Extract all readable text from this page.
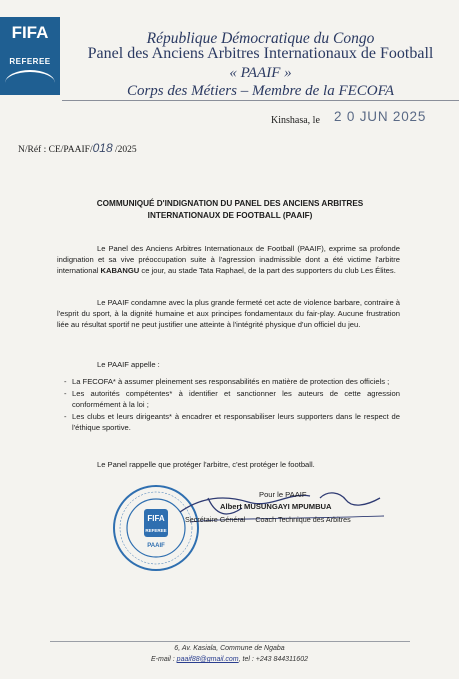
FIFA
REFEREE
République Démocratique du Congo
Panel des Anciens Arbitres Internationaux de Football
« PAAIF »
Corps des Métiers – Membre de la FECOFA
Kinshasa, le 2 0 JUN 2025
N/Réf : CE/PAAIF/018 /2025
COMMUNIQUÉ D'INDIGNATION DU PANEL DES ANCIENS ARBITRES
INTERNATIONAUX DE FOOTBALL (PAAIF)

Le Panel des Anciens Arbitres Internationaux de Football (PAAIF), exprime sa profonde indignation et sa vive préoccupation suite à l'agression inadmissible dont a été victime l'arbitre international KABANGU ce jour, au stade Tata Raphael, de la part des supporters du club Les Élites.

Le PAAIF condamne avec la plus grande fermeté cet acte de violence barbare, contraire à l'esprit du sport, à la dignité humaine et aux principes fondamentaux du fair-play. Aucune frustration liée au résultat sportif ne peut justifier une atteinte à l'intégrité physique d'un officiel du jeu.

Le PAAIF appelle :

- La FECOFA* à assumer pleinement ses responsabilités en matière de protection des officiels ;
- Les autorités compétentes* à identifier et sanctionner les auteurs de cette agression conformément à la loi ;
- Les clubs et leurs dirigeants* à encadrer et responsabiliser leurs supporters dans le respect de l'éthique sportive.
Le Panel rappelle que protéger l'arbitre, c'est protéger le football.
FIFA
REFEREE
PAAIF
Pour le PAAIF
Albert MUSUNGAYI MPUMBUA
Secrétaire Général Coach Technique des Arbitres
6, Av. Kasiala, Commune de Ngaba
E-mail : paaif88@gmail.com, tel : +243 844311602
